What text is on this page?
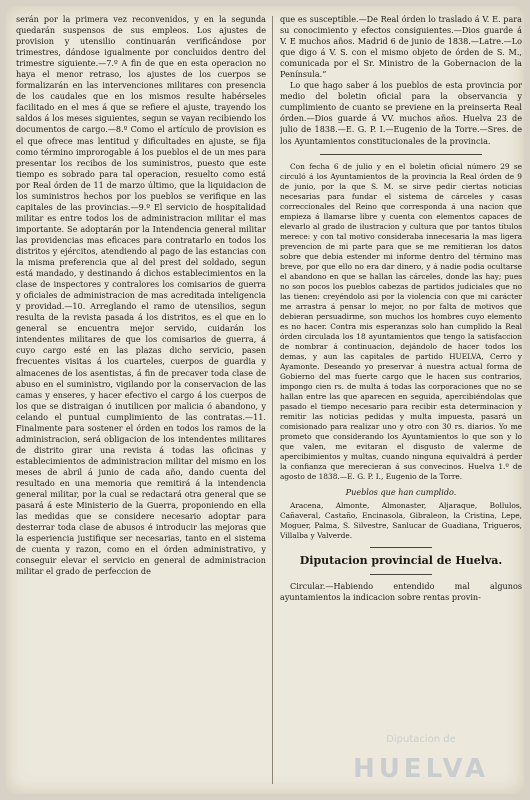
serán por la primera vez reconvenidos, y en la segunda quedarán suspensos de sus empleos. Los ajustes de provision y utensilio continuarán verificándose por trimestres, dándose igualmente por concluidos dentro del trimestre siguiente.—7.º A fin de que en esta operacion no haya el menor retraso, los ajustes de los cuerpos se formalizarán en las intervenciones militares con presencia de los caudales que en los mismos resulte habérseles facilitado en el mes á que se refiere el ajuste, trayendo los saldos á los meses siguientes, segun se vayan recibiendo los documentos de cargo.—8.º Como el artículo de provision es el que ofrece mas lentitud y dificultades en ajuste, se fija como término improrogable á los pueblos el de un mes para presentar los recibos de los suministros, puesto que este tiempo es sobrado para tal operacion, resuelto como está por Real órden de 11 de marzo último, que la liquidacion de los suministros hechos por los pueblos se verifique en las capitales de las provincias.—9.º El servicio de hospitalidad militar es entre todos los de administracion militar el mas importante. Se adoptarán por la Intendencia general militar las providencias mas eficaces para contratarlo en todos los distritos y ejércitos, atendiendo al pago de las estancias con la misma preferencia que al del prest del soldado, segun está mandado, y destinando á dichos establecimientos en la clase de inspectores y contralores los comisarios de guerra y oficiales de administracion de mas acreditada inteligencia y providad.—10. Arreglando el ramo de utensilios, segun resulta de la revista pasada á los distritos, es el que en lo general se encuentra mejor servido, cuidarán los intendentes militares de que los comisarios de guerra, á cuyo cargo esté en las plazas dicho servicio, pasen frecuentes visitas á los cuarteles, cuerpos de guardia y almacenes de los asentistas, á fin de precaver toda clase de abuso en el suministro, vigilando por la conservacion de las camas y enseres, y hacer efectivo el cargo á los cuerpos de los que se distraigan ó inutilicen por malicia ó abandono, y celando el puntual cumplimiento de las contratas.—11. Finalmente para sostener el órden en todos los ramos de la administracion, será obligacion de los intendentes militares de distrito girar una revista á todas las oficinas y establecimientos de administracion militar del mismo en los meses de abril á junio de cada año, dando cuenta del resultado en una memoria que remitirá á la intendencia general militar, por la cual se redactará otra general que se pasará á este Ministerio de la Guerra, proponiendo en ella las medidas que se considere necesario adoptar para desterrar toda clase de abusos é introducir las mejoras que la esperiencia justifique ser necesarias, tanto en el sistema de cuenta y razon, como en el órden administrativo, y conseguir elevar el servicio en general de administracion militar el grado de perfeccion de

que es susceptible.—De Real órden lo traslado á V. E. para su conocimiento y efectos consiguientes.—Dios guarde á V. E muchos años. Madrid 6 de junio de 1838.—Latre.—Lo que digo á V. S. con el mismo objeto de órden de S. M., comunicada por el Sr. Ministro de la Gobernacion de la Península.”

Lo que hago saber á los pueblos de esta provincia por medio del boletin oficial para la observancia y cumplimiento de cuanto se previene en la preinserta Real órden.—Dios guarde á VV. muchos años. Huelva 23 de julio de 1838.—E. G. P. I.—Eugenio de la Torre.—Sres. de los Ayuntamientos constitucionales de la provincia.

Con fecha 6 de julio y en el boletin oficial número 29 se circuló á los Ayuntamientos de la provincia la Real órden de 9 de junio, por la que S. M. se sirve pedir ciertas noticias necesarias para fundar el sistema de cárceles y casas correccionales del Reino que corresponda á una nacion que empieza á llamarse libre y cuenta con elementos capaces de elevarlo al grado de ilustracion y cultura que por tantos títulos merece: y con tal motivo consideraba innecesaria la mas ligera prevencion de mi parte para que se me remitieran los datos sobre que debia estender mi informe dentro del término mas breve, por que ello no era dar dinero, y á nadie podia ocultarse el abandono en que se hallan las cárceles, donde las hay; pues no son pocos los pueblos cabezas de partidos judiciales que no las tienen: creyéndolo asi por la violencia con que mi carácter me arrastra á pensar lo mejor, no por falta de motivos que debieran persuadirme, son muchos los hombres cuyo elemento es no hacer. Contra mis esperanzas solo han cumplido la Real órden circulada los 18 ayuntamientos que tengo la satisfaccion de nombrar á continuacion, dejándolo de hacer todos los demas, y aun las capitales de partido HUELVA, Cerro y Ayamonte. Deseando yo preservar á nuestra actual forma de Gobierno del mas fuerte cargo que le hacen sus contrarios, impongo cien rs. de multa á todas las corporaciones que no se hallan entre las que aparecen en seguida, apercibiéndolas que pasado el tiempo necesario para recibir esta determinacion y remitir las noticias pedidas y multa impuesta, pasará un comisionado para realizar uno y otro con 30 rs. diarios. Yo me prometo que considerando los Ayuntamientos lo que son y lo que valen, me evitaran el disgusto de valerme de apercibimientos y multas, cuando ninguna equivaldrá á perder la confianza que merecieran á sus convecinos. Huelva 1.º de agosto de 1838.—E. G. P. I., Eugenio de la Torre.

Pueblos que han cumplido.

Aracena, Almonte, Almonaster, Aljaraque, Bollulos, Cañaveral, Castaño, Encinasola, Gibraleon, la Cristina, Lepe, Moguer, Palma, S. Silvestre, Sanlucar de Guadiana, Trigueros, Villalba y Valverde.

Diputacion provincial de Huelva.

Circular.—Habiendo entendido mal algunos ayuntamientos la indicacion sobre rentas provin-

Diputacion de
HUELVA
